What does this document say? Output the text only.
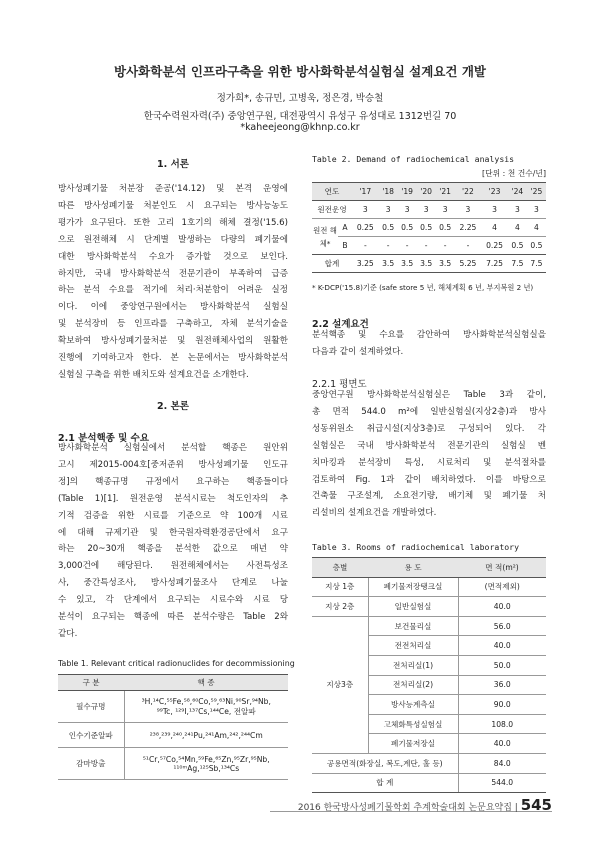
방사화학분석 인프라구축을 위한 방사화학분석실험실 설계요건 개발
정가희*, 송규민, 고병욱, 정은경, 박승철
한국수력원자력(주) 중앙연구원, 대전광역시 유성구 유성대로 1312번길 70
*kaheejeong@khnp.co.kr
1. 서론
방사성폐기물 처분장 준공('14.12) 및 본격 운영에
따른 방사성폐기물 처분인도 시 요구되는 방사능농도
평가가 요구된다. 또한 고리 1호기의 해체 결정('15.6)
으로 원전해체 시 단계별 발생하는 다량의 폐기물에
대한 방사화학분석 수요가 증가할 것으로 보인다.
하지만, 국내 방사화학분석 전문기관이 부족하여 급증
하는 분석 수요를 적기에 처리·처분함이 어려운 실정
이다. 이에 중앙연구원에서는 방사화학분석 실험실
및 분석장비 등 인프라를 구축하고, 자체 분석기술을
확보하여 방사성폐기물처분 및 원전해체사업의 원활한
진행에 기여하고자 한다. 본 논문에서는 방사화학분석
실험실 구축을 위한 배치도와 설계요건을 소개한다.
2. 본론
2.1 분석핵종 및 수요
방사화학분석 실험실에서 분석할 핵종은 원안위
고시 제2015-004호[중저준위 방사성폐기물 인도규
정]의 핵종규명 규정에서 요구하는 핵종들이다
(Table 1)[1]. 원전운영 분석시료는 척도인자의 추
기적 검증을 위한 시료를 기준으로 약 100개 시료
에 대해 규제기관 및 한국원자력환경공단에서 요구
하는 20~30개 핵종을 분석한 값으로 매년 약
3,000건에 해당된다. 원전해체에서는 사전특성조
사, 중간특성조사, 방사성폐기물조사 단계로 나눌
수 있고, 각 단계에서 요구되는 시료수와 시료 당
분석이 요구되는 핵종에 따른 분석수량은 Table 2와
같다.
Table 1. Relevant critical radionuclides for decommissioning
구 분	핵 종
필수규명	³H,¹⁴C,⁵⁵Fe,⁵⁸,⁶⁰Co,⁵⁹,⁶³Ni,⁹⁰Sr,⁹⁴Nb,
⁹⁹Tc, ¹²⁹I,¹³⁷Cs,¹⁴⁴Ce, 전알파

인수기준알파	²³⁸,²³⁹,²⁴⁰,²⁴¹Pu,²⁴¹Am,²⁴²,²⁴⁴Cm
감마방출	⁵¹Cr,⁵⁷Co,⁵⁴Mn,⁵⁹Fe,⁶⁵Zn,⁹⁵Zr,⁹⁵Nb,
¹¹⁰ᵐAg,¹²⁵Sb,¹³⁴Cs
Table 2. Demand of radiochemical analysis
[단위 : 천 건수/년]
연도		'17	'18	'19	'20	'21	'22	'23	'24	'25
원전운영		3	3	3	3	3	3	3	3	3
원전 해체*	A	0.25	0.5	0.5	0.5	0.5	2.25	4	4	4
	B	-	-	-	-	-	-	0.25	0.5	0.5
합계		3.25	3.5	3.5	3.5	3.5	5.25	7.25	7.5	7.5
* K-DCP('15.8)기준 (safe store 5 년, 해체계획 6 년, 부지복원 2 년)
2.2 설계요건
분석핵종 및 수요를 감안하여 방사화학분석실험실을
다음과 같이 설계하였다.
2.2.1 평면도
중앙연구원 방사화학분석실험실은 Table 3과 같이,
총 면적 544.0 m²에 일반실험실(지상2층)과 방사
성동위원소 취급시설(지상3층)로 구성되어 있다. 각
실험실은 국내 방사화학분석 전문기관의 실험실 벤
치마킹과 분석장비 특성, 시료처리 및 분석절차를
검토하여 Fig. 1과 같이 배치하였다. 이를 바탕으로
건축물 구조설계, 소요전기량, 배기체 및 폐기물 처
리설비의 설계요건을 개발하였다.
Table 3. Rooms of radiochemical laboratory
층별	용 도	면 적(m²)
지상 1층	폐기물저장탱크실	(면적제외)
지상 2층	일반실험실	40.0
지상3층	보건물리실	56.0
	전전처리실	40.0
	전처리실(1)	50.0
	전처리실(2)	36.0
	방사능계측실	90.0
	고체화특성실험실	108.0
	폐기물저장실	40.0
공용면적(화장실, 복도,계단, 홀 등)		84.0
합 계		544.0
2016 한국방사성폐기물학회 추계학술대회 논문요약집 | 545
